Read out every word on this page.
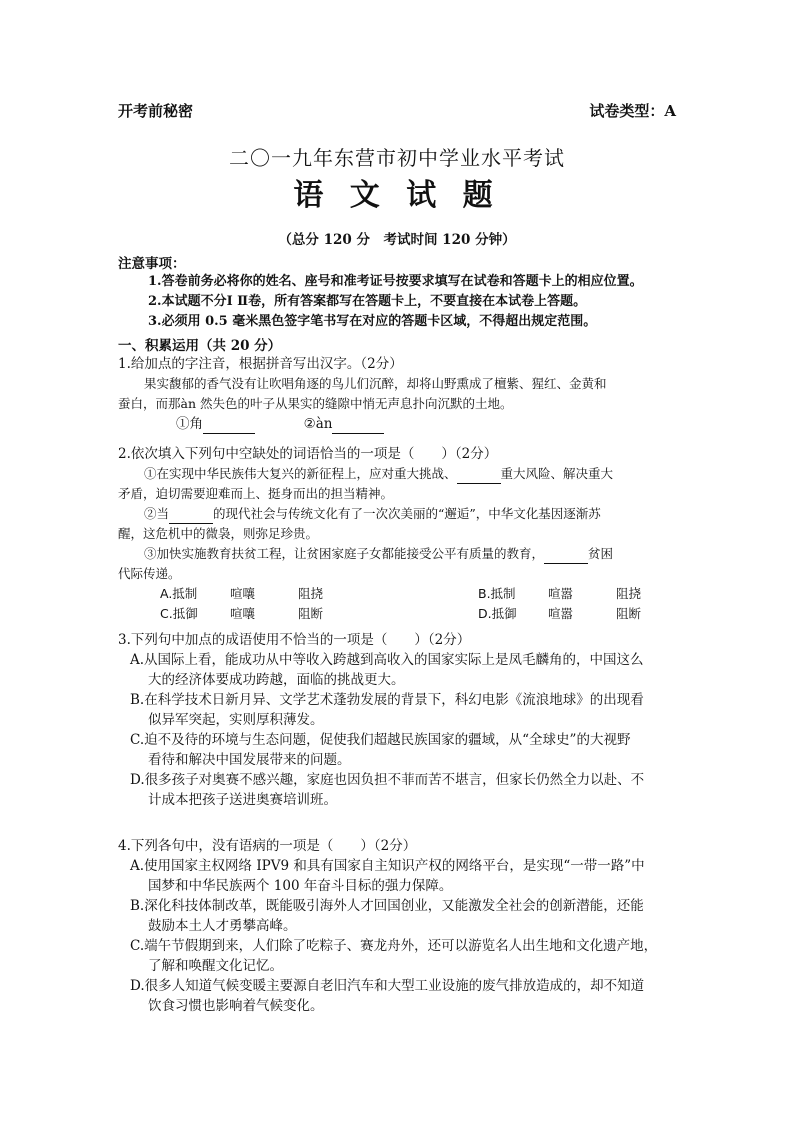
开考前秘密	试卷类型：A
二〇一九年东营市初中学业水平考试
语 文 试 题
（总分 120 分　考试时间 120 分钟）
注意事项：
1.答卷前务必将你的姓名、座号和准考证号按要求填写在试卷和答题卡上的相应位置。
2.本试题不分Ⅰ Ⅱ卷，所有答案都写在答题卡上，不要直接在本试卷上答题。
3.必须用 0.5 毫米黑色签字笔书写在对应的答题卡区域，不得超出规定范围。
一、积累运用（共 20 分）
1.给加点的字注音，根据拼音写出汉字。（2分）
果实馥郁的香气没有让吹唱角逐的鸟儿们沉醉，却将山野熏成了檀紫、猩红、金黄和
蚕白，而那àn 然失色的叶子从果实的缝隙中悄无声息扑向沉默的土地。
①角	②àn
2.依次填入下列句中空缺处的词语恰当的一项是（　　）（2分）
①在实现中华民族伟大复兴的新征程上，应对重大挑战、	重大风险、解决重大
矛盾，迫切需要迎难而上、挺身而出的担当精神。
②当	的现代社会与传统文化有了一次次美丽的“邂逅”，中华文化基因逐渐苏
醒，这危机中的微袅，则弥足珍贵。
③加快实施教育扶贫工程，让贫困家庭子女都能接受公平有质量的教育，	贫困
代际传递。
A.抵制	喧嚷	阻挠	B.抵制	喧嚣	阻挠
C.抵御	喧嚷	阻断	D.抵御	喧嚣	阻断
3.下列句中加点的成语使用不恰当的一项是（　　）（2分）
A.从国际上看，能成功从中等收入跨越到高收入的国家实际上是凤毛麟角的，中国这么
大的经济体要成功跨越，面临的挑战更大。
B.在科学技术日新月异、文学艺术蓬勃发展的背景下，科幻电影《流浪地球》的出现看
似异军突起，实则厚积薄发。
C.迫不及待的环境与生态问题，促使我们超越民族国家的疆域，从“全球史”的大视野
看待和解决中国发展带来的问题。
D.很多孩子对奥赛不感兴趣，家庭也因负担不菲而苦不堪言，但家长仍然全力以赴、不
计成本把孩子送进奥赛培训班。
4.下列各句中，没有语病的一项是（　　）（2分）
A.使用国家主权网络 IPV9 和具有国家自主知识产权的网络平台，是实现“一带一路”中
国梦和中华民族两个 100 年奋斗目标的强力保障。
B.深化科技体制改革，既能吸引海外人才回国创业，又能激发全社会的创新潜能，还能
鼓励本土人才勇攀高峰。
C.端午节假期到来，人们除了吃粽子、赛龙舟外，还可以游览名人出生地和文化遗产地，
了解和唤醒文化记忆。
D.很多人知道气候变暖主要源自老旧汽车和大型工业设施的废气排放造成的，却不知道
饮食习惯也影响着气候变化。
